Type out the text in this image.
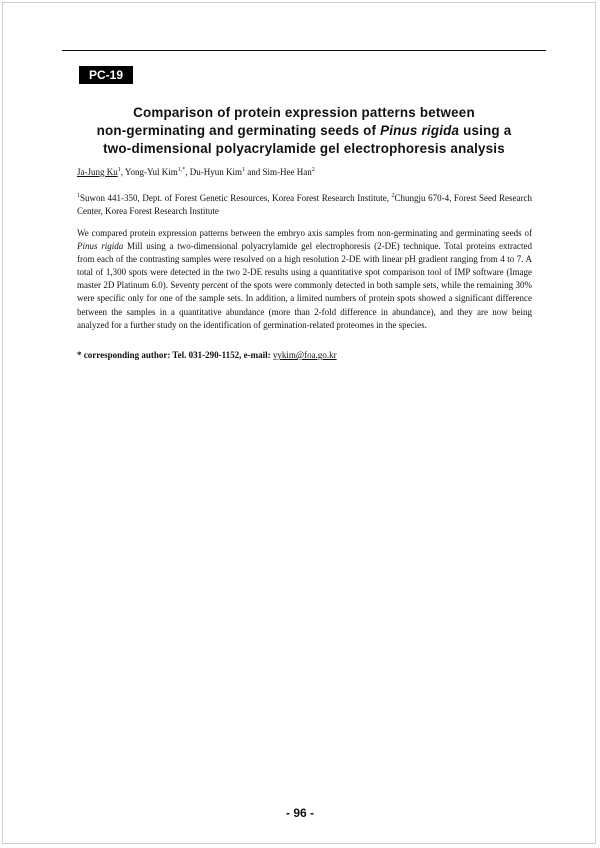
PC-19
Comparison of protein expression patterns between
non-germinating and germinating seeds of Pinus rigida using a
two-dimensional polyacrylamide gel electrophoresis analysis
Ja-Jung Ku$^1$, Yong-Yul Kim$^{1,*}$, Du-Hyun Kim$^1$ and Sim-Hee Han$^2$
$^1$Suwon 441-350, Dept. of Forest Genetic Resources, Korea Forest Research Institute, $^2$Chungju 670-4, Forest Seed Research Center, Korea Forest Research Institute
We compared protein expression patterns between the embryo axis samples from non-germinating and germinating seeds of Pinus rigida Mill using a two-dimensional polyacrylamide gel electrophoresis (2-DE) technique. Total proteins extracted from each of the contrasting samples were resolved on a high resolution 2-DE with linear pH gradient ranging from 4 to 7. A total of 1,300 spots were detected in the two 2-DE results using a quantitative spot comparison tool of IMP software (Image master 2D Platinum 6.0). Seventy percent of the spots were commonly detected in both sample sets, while the remaining 30% were specific only for one of the sample sets. In addition, a limited numbers of protein spots showed a significant difference between the samples in a quantitative abundance (more than 2-fold difference in abundance), and they are now being analyzed for a further study on the identification of germination-related proteomes in the species.
* corresponding author: Tel. 031-290-1152, e-mail: yykim@foa.go.kr
- 96 -
